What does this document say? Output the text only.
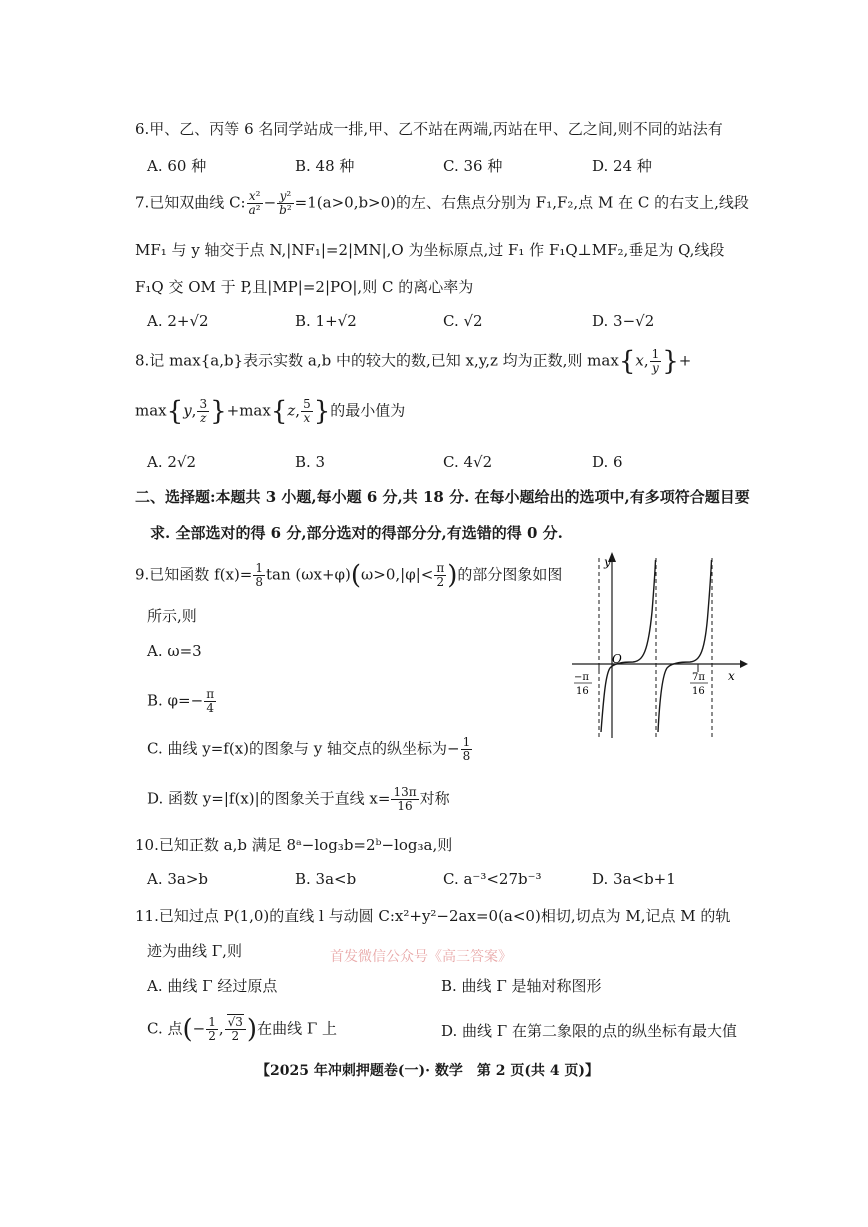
6.甲、乙、丙等 6 名同学站成一排,甲、乙不站在两端,丙站在甲、乙之间,则不同的站法有
A. 60 种	B. 48 种	C. 36 种	D. 24 种
7.已知双曲线 C: $\frac{\text{x²}}{\text{a²}} - \frac{\text{y²}}{\text{b²}} =1(a>0,b>0)$的左、右焦点分别为 F₁,F₂,点 M 在 C 的右支上,线段
MF₁ 与 y 轴交于点 N,|NF₁|=2|MN|,O 为坐标原点,过 F₁ 作 F₁Q⊥MF₂,垂足为 Q,线段
F₁Q 交 OM 于 P,且|MP|=2|PO|,则 C 的离心率为
A. 2+√2	B. 1+√2	C. √2	D. 3−√2
8.记 max{a,b}表示实数 a,b 中的较大的数,已知 x,y,z 均为正数,则 max{x, $\frac{1}{y}$ }+
max{y, $\frac{3}{z} \}+\max\{z$, $\frac{5}{x}$ }的最小值为
A. 2√2	B. 3	C. 4√2	D. 6
二、选择题:本题共 3 小题,每小题 6 分,共 18 分. 在每小题给出的选项中,有多项符合题目要
求. 全部选对的得 6 分,部分选对的得部分分,有选错的得 0 分.
9.已知函数 $f(x)= \frac{1}{8}$ $\tan (\omega x+\varphi)(\omega>0,|\varphi|< \frac{\pi}{2}$ )的部分图象如图
所示,则
A. ω=3
B. $\varphi=- \frac{\pi}{4}$
C. 曲线 y=f(x)的图象与 y 轴交点的纵坐标为− $\frac{1}{8}$
D. 函数 y=|f(x)|的图象关于直线 $x= \frac{13\pi}{16}$ 对称
y
x
O
−π
16
7π
16
10.已知正数 a,b 满足 8ᵃ−log₃b=2ᵇ−log₃a,则
A. 3a>b	B. 3a<b	C. a⁻³<27b⁻³	D. 3a<b+1
11.已知过点 P(1,0)的直线 l 与动圆 C:x²+y²−2ax=0(a<0)相切,切点为 M,记点 M 的轨
迹为曲线 Γ,则	首发微信公众号《高三答案》
A. 曲线 Γ 经过原点	B. 曲线 Γ 是轴对称图形
C. 点(− $\frac{1}{2}$ , $\frac{√3}{2}$ )在曲线 Γ 上	D. 曲线 Γ 在第二象限的点的纵坐标有最大值
【2025 年冲刺押题卷(一)· 数学　第 2 页(共 4 页)】
